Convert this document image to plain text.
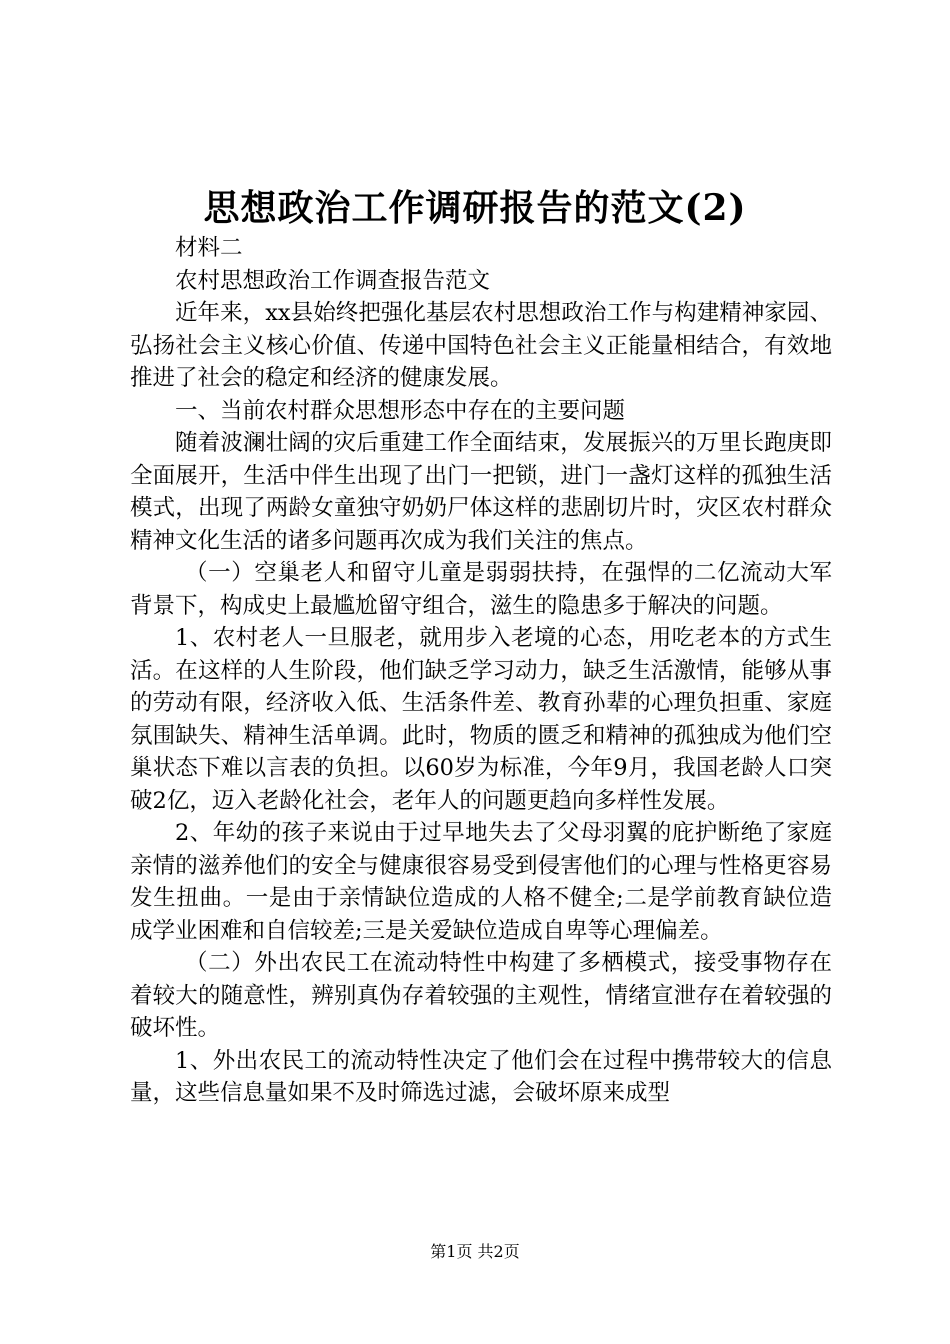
思想政治工作调研报告的范文(2)

材料二

农村思想政治工作调查报告范文

近年来，xx县始终把强化基层农村思想政治工作与构建精神家园、弘扬社会主义核心价值、传递中国特色社会主义正能量相结合，有效地推进了社会的稳定和经济的健康发展。

一、当前农村群众思想形态中存在的主要问题

随着波澜壮阔的灾后重建工作全面结束，发展振兴的万里长跑庚即全面展开，生活中伴生出现了出门一把锁，进门一盏灯这样的孤独生活模式，出现了两龄女童独守奶奶尸体这样的悲剧切片时，灾区农村群众精神文化生活的诸多问题再次成为我们关注的焦点。

（一）空巢老人和留守儿童是弱弱扶持，在强悍的二亿流动大军背景下，构成史上最尴尬留守组合，滋生的隐患多于解决的问题。

1、农村老人一旦服老，就用步入老境的心态，用吃老本的方式生活。在这样的人生阶段，他们缺乏学习动力，缺乏生活激情，能够从事的劳动有限，经济收入低、生活条件差、教育孙辈的心理负担重、家庭氛围缺失、精神生活单调。此时，物质的匮乏和精神的孤独成为他们空巢状态下难以言表的负担。以60岁为标准，今年9月，我国老龄人口突破2亿，迈入老龄化社会，老年人的问题更趋向多样性发展。

2、年幼的孩子来说由于过早地失去了父母羽翼的庇护断绝了家庭亲情的滋养他们的安全与健康很容易受到侵害他们的心理与性格更容易发生扭曲。一是由于亲情缺位造成的人格不健全;二是学前教育缺位造成学业困难和自信较差;三是关爱缺位造成自卑等心理偏差。

（二）外出农民工在流动特性中构建了多栖模式，接受事物存在着较大的随意性，辨别真伪存着较强的主观性，情绪宣泄存在着较强的破坏性。

1、外出农民工的流动特性决定了他们会在过程中携带较大的信息量，这些信息量如果不及时筛选过滤，会破坏原来成型

第1页 共2页
